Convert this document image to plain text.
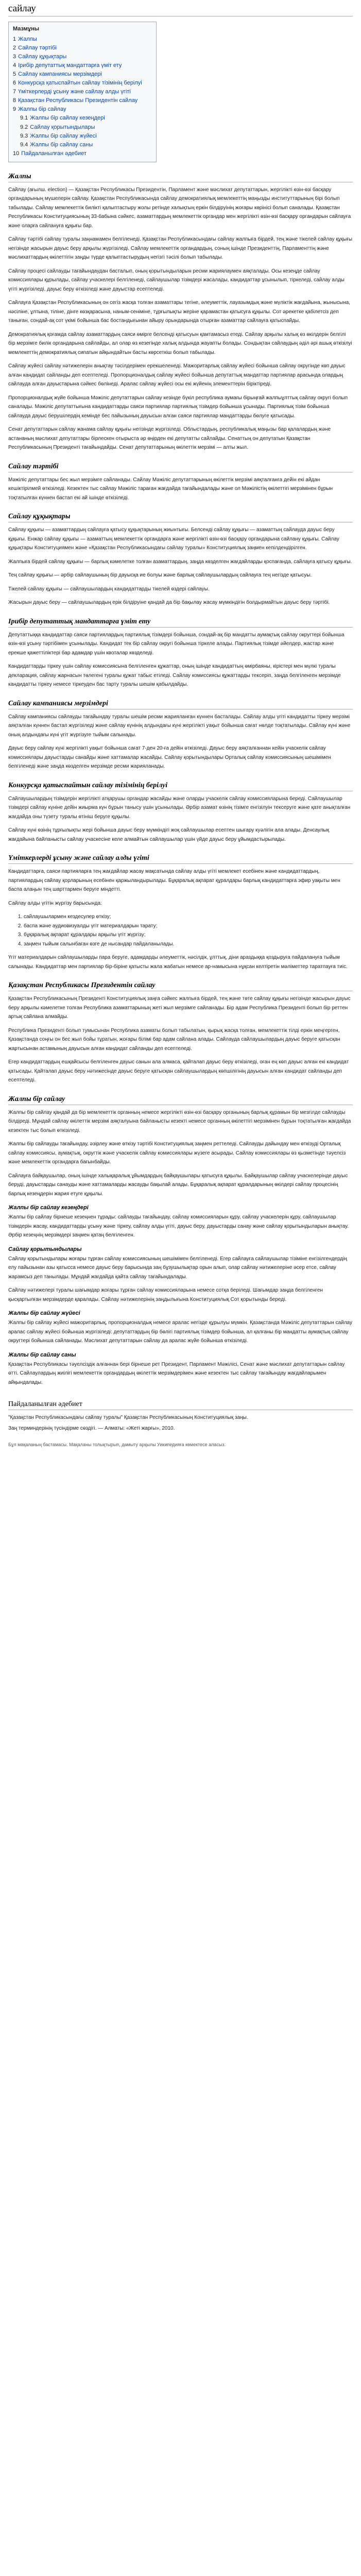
сайлау
Мазмұны
1 Жалпы
2 Сайлау тәртібі
3 Сайлау құқықтары
4 Ірибір депутаттық мандаттарға үміт ету
5 Сайлау кампаниясы мерзімдері
6 Конкурсқа қатыспайтын сайлау тізімінің берілуі
7 Үміткерлерді ұсыну және сайлау алды үгіті
8 Қазақстан Республикасы Президентін сайлау
9 Жалпы бір сайлау
9.1 Жалпы бір сайлау кезеңдері
9.2 Сайлау қорытындылары
9.3 Жалпы бір сайлау жүйесі
9.4 Жалпы бір сайлау саны
10 Пайдаланылған әдебиет
Жалпы

Сайлау (ағылш. election) — Қазақстан Республикасы Президентін, Парламент және мәслихат депутаттарын, жергілікті өзін-өзі басқару органдарының мүшелерін сайлау. Қазақстан Республикасында сайлау демократиялық мемлекеттің маңызды институттарының бірі болып табылады. Сайлау мемлекеттік билікті қалыптастыру жолы ретінде халықтың еркін білдіруінің жоғары көрінісі болып саналады. Қазақстан Республикасы Конституциясының 33-бабына сәйкес, азаматтардың мемлекеттік органдар мен жергілікті өзін-өзі басқару органдарын сайлауға және оларға сайлануға құқығы бар.

Сайлау тәртібі сайлау туралы заңнамамен белгіленеді. Қазақстан Республикасындағы сайлау жалпыға бірдей, тең және тікелей сайлау құқығы негізінде жасырын дауыс беру арқылы жүргізіледі. Сайлау мемлекеттік органдардың, соның ішінде Президенттің, Парламенттің және мәслихаттардың өкілеттігін заңды түрде қалыптастырудың негізгі тәсілі болып табылады.

Сайлау процесі сайлауды тағайындаудан басталып, оның қорытындыларын ресми жариялаумен аяқталады. Осы кезеңде сайлау комиссиялары құрылады, сайлау учаскелері белгіленеді, сайлаушылар тізімдері жасалады, кандидаттар ұсынылып, тіркеледі, сайлау алды үгіті жүргізіледі, дауыс беру өткізіледі және дауыстар есептеледі.

Сайлауға Қазақстан Республикасының он сегіз жасқа толған азаматтары тегіне, әлеуметтік, лауазымдық және мүліктік жағдайына, жынысына, нәсіліне, ұлтына, тіліне, дінге көзқарасына, наным-сеніміне, тұрғылықты жеріне қарамастан қатысуға құқылы. Сот әрекетке қабілетсіз деп таныған, сондай-ақ сот үкімі бойынша бас бостандығынан айыру орындарында отырған азаматтар сайлауға қатыспайды.

Демократиялық қоғамда сайлау азаматтардың саяси өмірге белсенді қатысуын қамтамасыз етеді. Сайлау арқылы халық өз өкілдерін белгілі бір мерзімге билік органдарына сайлайды, ал олар өз кезегінде халық алдында жауапты болады. Сондықтан сайлаудың әділ әрі ашық өткізілуі мемлекеттің демократиялық сипатын айқындайтын басты көрсеткіш болып табылады.

Сайлау жүйесі сайлау нәтижелерін анықтау тәсілдерімен ерекшеленеді. Мажоритарлық сайлау жүйесі бойынша сайлау округінде көп дауыс алған кандидат сайланды деп есептеледі. Пропорционалдық сайлау жүйесі бойынша депутаттық мандаттар партиялар арасында олардың сайлауда алған дауыстарына сәйкес бөлінеді. Аралас сайлау жүйесі осы екі жүйенің элементтерін біріктіреді.

Пропорционалдық жүйе бойынша Мәжіліс депутаттарын сайлау кезінде бүкіл республика аумағы бірыңғай жалпыұлттық сайлау округі болып саналады. Мәжіліс депутаттығына кандидаттарды саяси партиялар партиялық тізімдер бойынша ұсынады. Партиялық тізім бойынша сайлауда дауыс берушілердің кемінде бес пайызының дауысын алған саяси партиялар мандаттарды бөлуге қатысады.

Сенат депутаттарын сайлау жанама сайлау құқығы негізінде жүргізіледі. Облыстардың, республикалық маңызы бар қалалардың және астананың мәслихат депутаттары бірлескен отырыста әр өңірден екі депутатты сайлайды. Сенаттың он депутатын Қазақстан Республикасының Президенті тағайындайды. Сенат депутаттарының өкілеттік мерзімі — алты жыл.

Сайлау тәртібі

Мәжіліс депутаттары бес жыл мерзімге сайланады. Сайлау Мәжіліс депутаттарының өкілеттік мерзімі аяқталғанға дейін екі айдан кешіктірілмей өткізіледі. Кезектен тыс сайлау Мәжіліс тараған жағдайда тағайындалады және ол Мәжілістің өкілеттігі мерзімінен бұрын тоқтатылған күннен бастап екі ай ішінде өткізіледі.

Сайлау құқықтары

Сайлау құқығы — азаматтардың сайлауға қатысу құқықтарының жиынтығы. Белсенді сайлау құқығы — азаматтың сайлауда дауыс беру құқығы. Енжар сайлау құқығы — азаматтың мемлекеттік органдарға және жергілікті өзін-өзі басқару органдарына сайлану құқығы. Сайлау құқықтары Конституциямен және «Қазақстан Республикасындағы сайлау туралы» Конституциялық заңмен кепілдендірілген.

Жалпыға бірдей сайлау құқығы — барлық кәмелетке толған азаматтардың, заңда көзделген жағдайларды қоспағанда, сайлауға қатысу құқығы.

Тең сайлау құқығы — әрбір сайлаушының бір дауысқа ие болуы және барлық сайлаушылардың сайлауға тең негізде қатысуы.

Тікелей сайлау құқығы — сайлаушылардың кандидаттарды тікелей өздері сайлауы.

Жасырын дауыс беру — сайлаушылардың ерік білдіруіне қандай да бір бақылау жасау мүмкіндігін болдырмайтын дауыс беру тәртібі.

Ірибір депутаттық мандаттарға үміт ету

Депутаттыққа кандидаттар саяси партиялардың партиялық тізімдері бойынша, сондай-ақ бір мандатты аумақтық сайлау округтері бойынша өзін-өзі ұсыну тәртібімен ұсынылады. Кандидат тек бір сайлау округі бойынша тіркеле алады. Партиялық тізімде әйелдер, жастар және ерекше қажеттіліктері бар адамдар үшін квоталар көзделеді.

Кандидаттарды тіркеу үшін сайлау комиссиясына белгіленген құжаттар, оның ішінде кандидаттың өмірбаяны, кірістері мен мүлкі туралы декларация, сайлау жарнасын төлегені туралы құжат табыс етіледі. Сайлау комиссиясы құжаттарды тексеріп, заңда белгіленген мерзімде кандидатты тіркеу немесе тіркеуден бас тарту туралы шешім қабылдайды.

Сайлау кампаниясы мерзімдері

Сайлау кампаниясы сайлауды тағайындау туралы шешім ресми жарияланған күннен басталады. Сайлау алды үгіті кандидатты тіркеу мерзімі аяқталған күннен бастап жүргізіледі және сайлау күнінің алдындағы күні жергілікті уақыт бойынша сағат нөлде тоқтатылады. Сайлау күні және оның алдындағы күні үгіт жүргізуге тыйым салынады.

Дауыс беру сайлау күні жергілікті уақыт бойынша сағат 7-ден 20-ға дейін өткізіледі. Дауыс беру аяқталғаннан кейін учаскелік сайлау комиссиялары дауыстарды санайды және хаттамалар жасайды. Сайлау қорытындылары Орталық сайлау комиссиясының шешімімен белгіленеді және заңда көзделген мерзімде ресми жарияланады.

Конкурсқа қатыспайтын сайлау тізімінің берілуі

Сайлаушылардың тізімдерін жергілікті атқарушы органдар жасайды және оларды учаскелік сайлау комиссияларына береді. Сайлаушылар тізімдері сайлау күніне дейін жиырма күн бұрын танысу үшін ұсынылады. Әрбір азамат өзінің тізімге енгізілуін тексеруге және қате анықталған жағдайда оны түзету туралы өтініш беруге құқылы.

Сайлау күні өзінің тұрғылықты жері бойынша дауыс беру мүмкіндігі жоқ сайлаушылар есептен шығару куәлігін ала алады. Денсаулық жағдайына байланысты сайлау учаскесіне келе алмайтын сайлаушылар үшін үйде дауыс беру ұйымдастырылады.

Үміткерлерді ұсыну және сайлау алды үгіті

Кандидаттарға, саяси партияларға тең жағдайлар жасау мақсатында сайлау алды үгіті мемлекет есебінен және кандидаттардың, партиялардың сайлау қорларының есебінен қаржыландырылады. Бұқаралық ақпарат құралдары барлық кандидаттарға эфир уақыты мен баспа алаңын тең шарттармен беруге міндетті.

Сайлау алды үгітін жүргізу барысында:

1. сайлаушылармен кездесулер өткізу;
2. баспа және аудиовизуалды үгіт материалдарын тарату;
3. бұқаралық ақпарат құралдары арқылы үгіт жүргізу;
4. заңмен тыйым салынбаған өзге де нысандар пайдаланылады.

Үгіт материалдарын сайлаушыларды пара беруге, адамдарды әлеуметтік, нәсілдік, ұлттық, діни араздыққа қоздыруға пайдалануға тыйым салынады. Кандидаттар мен партиялар бір-біріне қатысты жала жабатын немесе ар-намысына нұқсан келтіретін мәліметтер таратпауға тиіс.

Қазақстан Республикасы Президентін сайлау

Қазақстан Республикасының Президенті Конституциялық заңға сәйкес жалпыға бірдей, тең және төте сайлау құқығы негізінде жасырын дауыс беру арқылы кәмелетке толған Республика азаматтарының жеті жыл мерзімге сайланады. Бір адам Республика Президенті болып бір реттен артық сайлана алмайды.

Республика Президенті болып тумысынан Республика азаматы болып табылатын, қырық жасқа толған, мемлекеттік тілді еркін меңгерген, Қазақстанда соңғы он бес жыл бойы тұратын, жоғары білімі бар адам сайлана алады. Сайлауда сайлаушылардың дауыс беруге қатысқан жартысынан астамының дауысын алған кандидат сайланды деп есептеледі.

Егер кандидаттардың ешқайсысы белгіленген дауыс санын ала алмаса, қайталап дауыс беру өткізіледі, оған ең көп дауыс алған екі кандидат қатысады. Қайталап дауыс беру нәтижесінде дауыс беруге қатысқан сайлаушылардың көпшілігінің дауысын алған кандидат сайланды деп есептеледі.

Жалпы бір сайлау

Жалпы бір сайлау қандай да бір мемлекеттік органның немесе жергілікті өзін-өзі басқару органының барлық құрамын бір мезгілде сайлауды білдіреді. Мұндай сайлау өкілеттік мерзімі аяқталуына байланысты кезекті немесе органның өкілеттігі мерзімінен бұрын тоқтатылған жағдайда кезектен тыс болып өткізіледі.

Жалпы бір сайлауды тағайындау, әзірлеу және өткізу тәртібі Конституциялық заңмен реттеледі. Сайлауды дайындау мен өткізуді Орталық сайлау комиссиясы, аумақтық, округтік және учаскелік сайлау комиссиялары жүзеге асырады. Сайлау комиссиялары өз қызметінде тәуелсіз және мемлекеттік органдарға бағынбайды.

Сайлауға байқаушылар, оның ішінде халықаралық ұйымдардың байқаушылары қатысуға құқылы. Байқаушылар сайлау учаскелерінде дауыс беруді, дауыстарды санауды және хаттамаларды жасауды бақылай алады. Бұқаралық ақпарат құралдарының өкілдері сайлау процесінің барлық кезеңдерін жария етуге құқылы.

Жалпы бір сайлау кезеңдері

Жалпы бір сайлау бірнеше кезеңнен тұрады: сайлауды тағайындау, сайлау комиссияларын құру, сайлау учаскелерін құру, сайлаушылар тізімдерін жасау, кандидаттарды ұсыну және тіркеу, сайлау алды үгіті, дауыс беру, дауыстарды санау және сайлау қорытындыларын анықтау. Әрбір кезеңнің мерзімдері заңмен қатаң белгіленген.

Сайлау қорытындылары

Сайлау қорытындылары жоғары тұрған сайлау комиссиясының шешімімен белгіленеді. Егер сайлауға сайлаушылар тізіміне енгізілгендердің елу пайызынан азы қатысса немесе дауыс беру барысында заң бұзушылықтар орын алып, олар сайлау нәтижелеріне әсер етсе, сайлау жарамсыз деп танылады. Мұндай жағдайда қайта сайлау тағайындалады.

Сайлау нәтижелері туралы шағымдар жоғары тұрған сайлау комиссияларына немесе сотқа беріледі. Шағымдар заңда белгіленген қысқартылған мерзімдерде қаралады. Сайлау нәтижелерінің заңдылығына Конституциялық Сот қорытынды береді.

Жалпы бір сайлау жүйесі

Жалпы бір сайлау жүйесі мажоритарлық, пропорционалдық немесе аралас негізде құрылуы мүмкін. Қазақстанда Мәжіліс депутаттарын сайлау аралас сайлау жүйесі бойынша жүргізіледі: депутаттардың бір бөлігі партиялық тізімдер бойынша, ал қалғаны бір мандатты аумақтық сайлау округтері бойынша сайланады. Мәслихат депутаттарын сайлау да аралас жүйе бойынша өткізіледі.

Жалпы бір сайлау саны

Қазақстан Республикасы тәуелсіздік алғаннан бері бірнеше рет Президент, Парламент Мәжілісі, Сенат және мәслихат депутаттарын сайлау өтті. Сайлаулардың жиілігі мемлекеттік органдардың өкілеттік мерзімдерімен және кезектен тыс сайлау тағайындау жағдайларымен айқындалады.

Пайдаланылған әдебиет

"Қазақстан Республикасындағы сайлау туралы" Қазақстан Республикасының Конституциялық заңы.

Заң терминдерінің түсіндірме сөздігі. — Алматы: «Жеті жарғы», 2010.

Бұл мақаланың бастамасы. Мақаланы толықтырып, дамыту арқылы Уикипедияға көмектесе аласыз.
